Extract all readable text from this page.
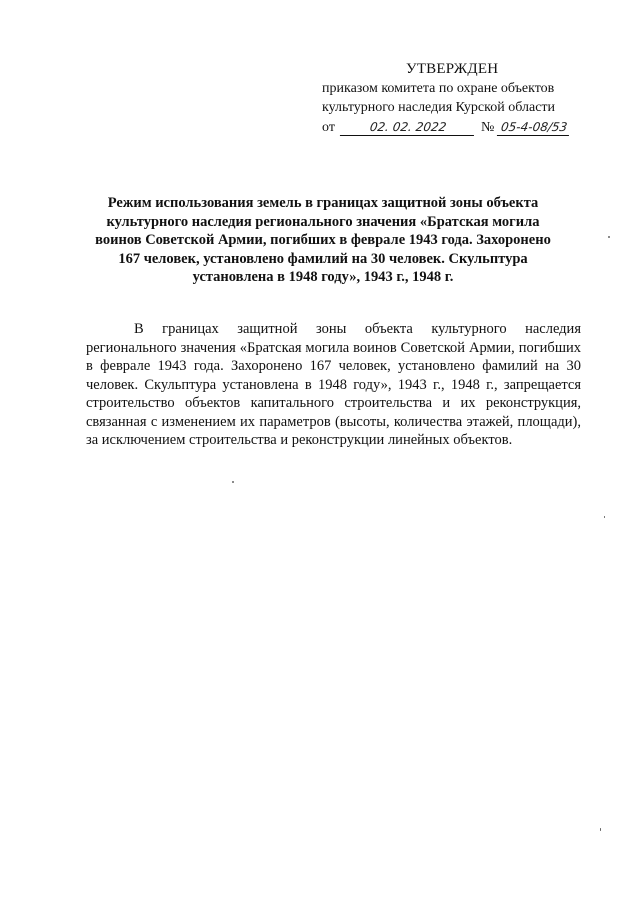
УТВЕРЖДЕН
приказом комитета по охране объектов
культурного наследия Курской области
от	02. 02. 2022	№ 05-4-08/53
Режим использования земель в границах защитной зоны объекта культурного наследия регионального значения «Братская могила воинов Советской Армии, погибших в феврале 1943 года. Захоронено 167 человек, установлено фамилий на 30 человек. Скульптура установлена в 1948 году», 1943 г., 1948 г.
В границах защитной зоны объекта культурного наследия регионального значения «Братская могила воинов Советской Армии, погибших в феврале 1943 года. Захоронено 167 человек, установлено фамилий на 30 человек. Скульптура установлена в 1948 году», 1943 г., 1948 г., запрещается строительство объектов капитального строительства и их реконструкция, связанная с изменением их параметров (высоты, количества этажей, площади), за исключением строительства и реконструкции линейных объектов.
